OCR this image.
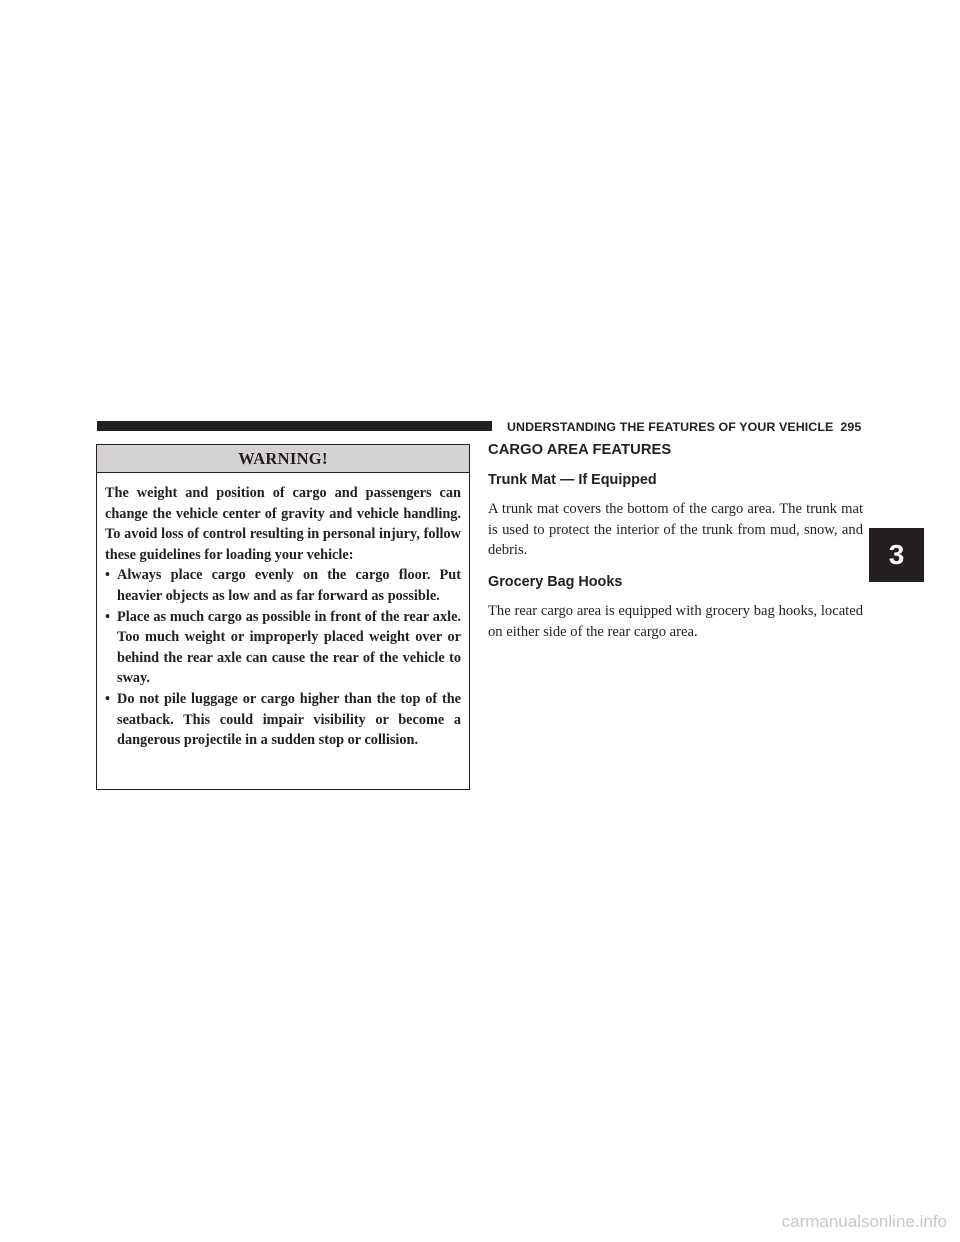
UNDERSTANDING THE FEATURES OF YOUR VEHICLE 295
3
WARNING!

The weight and position of cargo and passengers can change the vehicle center of gravity and vehicle handling. To avoid loss of control resulting in personal injury, follow these guidelines for loading your vehicle:

• Always place cargo evenly on the cargo floor. Put heavier objects as low and as far forward as possible.
• Place as much cargo as possible in front of the rear axle. Too much weight or improperly placed weight over or behind the rear axle can cause the rear of the vehicle to sway.
• Do not pile luggage or cargo higher than the top of the seatback. This could impair visibility or become a dangerous projectile in a sudden stop or collision.
CARGO AREA FEATURES
Trunk Mat — If Equipped

A trunk mat covers the bottom of the cargo area. The trunk mat is used to protect the interior of the trunk from mud, snow, and debris.

Grocery Bag Hooks

The rear cargo area is equipped with grocery bag hooks, located on either side of the rear cargo area.

carmanualsonline.info
